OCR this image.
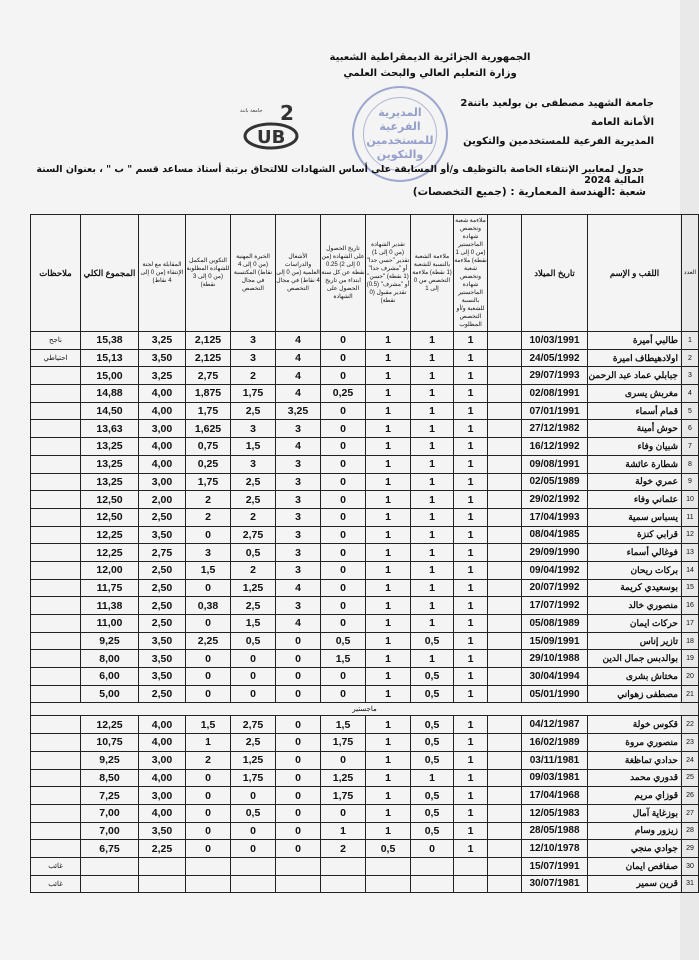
الجمهورية الجزائرية الديمقراطية الشعبية
وزارة التعليم العالي والبحث العلمي
2
UB
جامعة باتنة	المديرية الفرعية للمستخدمين والتكوين
جامعة الشهيد مصطفى بن بولعيد باتنة2
الأمانة العامة
المديرية الفرعية للمستخدمين والتكوين
جدول لمعايير الإنتقاء الخاصة بالتوظيف و/أو المسابقة على أساس الشهادات للالتحاق برتبة أستاذ مساعد قسم " ب " ، بعنوان السنة المالية 2024
شعبة :الهندسة المعمارية : (جميع التخصصات)
ملاحظات	المجموع الكلي	المقابلة مع لجنة الإنتقاء (من 0 إلى 4 نقاط)	التكوين المكمل للشهادة المطلوبة (من 0 إلى 3 نقطة)	الخبرة المهنية (من 0 إلى 4 نقاط) المكتسبة في مجال التخصص	الأشغال والدراسات العلمية (من 0 إلى 4 نقاط) في مجال التخصص	تاريخ الحصول على الشهادة (من 0 إلى 2) 0.25 نقطة عن كل سنة ابتداء من تاريخ الحصول على الشهادة	تقدير الشهادة (من 0 إلى 1) تقدير "حسن جدا" أو "مشرف جدا" (1 نقطة) "حسن" أو "مشرف" (0.5) تقدير مقبول (0 نقطة)	ملاءمة الشعبة بالنسبة للشعبة (1 نقطة) ملاءمة التخصص من 0 إلى 1	ملاءمة شعبة وتخصص شهادة الماجستير (من 0 إلى 1 نقطة) ملاءمة شعبة وتخصص شهادة الماجستير بالنسبة للشعبة و/أو التخصص المطلوب		تاريخ الميلاد	اللقب و الإسم	العدد
ناجح	15,38	3,25	2,125	3	4	0	1	1	1		10/03/1991	طالبي أميرة	1
احتياطي	15,13	3,50	2,125	3	4	0	1	1	1		24/05/1992	اولادهيطاف اميرة	2
	15,00	3,25	2,75	2	4	0	1	1	1		29/07/1993	جبابلي عماد عبد الرحمن	3
	14,88	4,00	1,875	1,75	4	0,25	1	1	1		02/08/1991	مغربش يسرى	4
	14,50	4,00	1,75	2,5	3,25	0	1	1	1		07/01/1991	قمام أسماء	5
	13,63	3,00	1,625	3	3	0	1	1	1		27/12/1982	حوش أمينة	6
	13,25	4,00	0,75	1,5	4	0	1	1	1		16/12/1992	شبيان وفاء	7
	13,25	4,00	0,25	3	3	0	1	1	1		09/08/1991	شطارة عائشة	8
	13,25	3,00	1,75	2,5	3	0	1	1	1		02/05/1989	عمري خولة	9
	12,50	2,00	2	2,5	3	0	1	1	1		29/02/1992	عثماني وفاء	10
	12,50	2,50	2	2	3	0	1	1	1		17/04/1993	يسباس سمية	11
	12,25	3,50	0	2,75	3	0	1	1	1		08/04/1985	قرابي كنزة	12
	12,25	2,75	3	0,5	3	0	1	1	1		29/09/1990	فوغالي أسماء	13
	12,00	2,50	1,5	2	3	0	1	1	1		09/04/1992	بركات ريحان	14
	11,75	2,50	0	1,25	4	0	1	1	1		20/07/1992	بوسعيدي كريمة	15
	11,38	2,50	0,38	2,5	3	0	1	1	1		17/07/1992	منصوري خالد	16
	11,00	2,50	0	1,5	4	0	1	1	1		05/08/1989	حركات ايمان	17
	9,25	3,50	2,25	0,5	0	0,5	1	0,5	1		15/09/1991	تازير إناس	18
	8,00	3,50	0	0	0	1,5	1	1	1		29/10/1988	بوالدبس جمال الدين	19
	6,00	3,50	0	0	0	0	1	0,5	1		30/04/1994	مختاش بشرى	20
	5,00	2,50	0	0	0	0	1	0,5	1		05/01/1990	مصطفى زهواني	21
ماجستير													
	12,25	4,00	1,5	2,75	0	1,5	1	0,5	1		04/12/1987	قكوس خولة	22
	10,75	4,00	1	2,5	0	1,75	1	0,5	1		16/02/1989	منصوري مروة	23
	9,25	3,00	2	1,25	0	0	1	0,5	1		03/11/1981	حدادي تماظغة	24
	8,50	4,00	0	1,75	0	1,25	1	1	1		09/03/1981	قدوري محمد	25
	7,25	3,00	0	0	0	1,75	1	0,5	1		17/04/1968	قوزاي مريم	26
	7,00	4,00	0	0,5	0	0	1	0,5	1		12/05/1983	بوزغاية آمال	27
	7,00	3,50	0	0	0	1	1	0,5	1		28/05/1988	زيزور وسام	28
	6,75	2,25	0	0	0	2	0,5	0	1		12/10/1978	جوادي منجي	29
غائب											15/07/1991	صفافص ايمان	30
غائب											30/07/1981	قرين سمير	31
